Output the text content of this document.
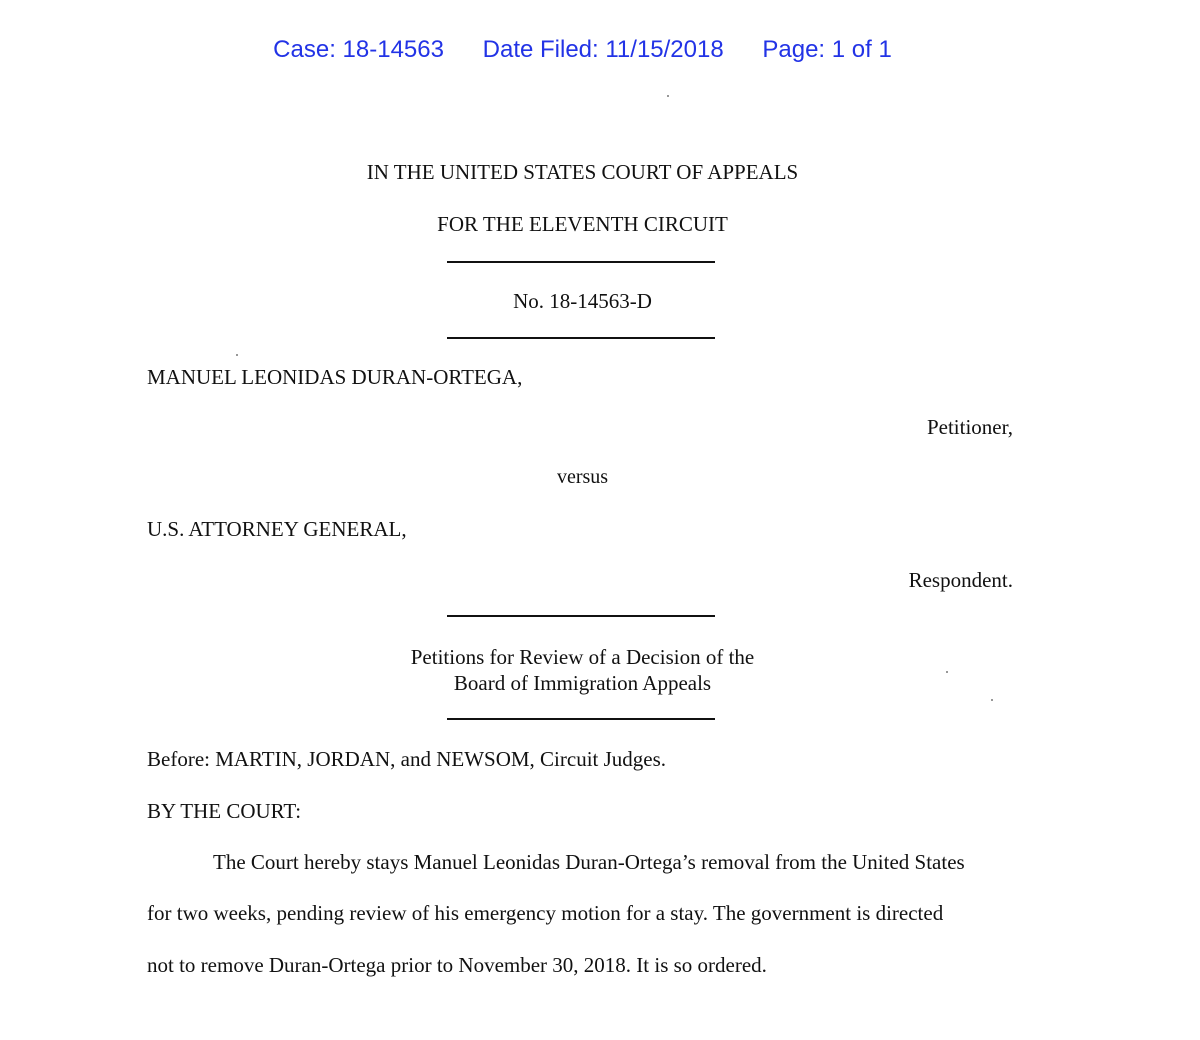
Case: 18-14563 Date Filed: 11/15/2018 Page: 1 of 1
IN THE UNITED STATES COURT OF APPEALS
FOR THE ELEVENTH CIRCUIT
No. 18-14563-D
MANUEL LEONIDAS DURAN-ORTEGA,
Petitioner,
versus
U.S. ATTORNEY GENERAL,
Respondent.
Petitions for Review of a Decision of the
Board of Immigration Appeals
Before: MARTIN, JORDAN, and NEWSOM, Circuit Judges.
BY THE COURT:
The Court hereby stays Manuel Leonidas Duran-Ortega’s removal from the United States
for two weeks, pending review of his emergency motion for a stay. The government is directed
not to remove Duran-Ortega prior to November 30, 2018. It is so ordered.
